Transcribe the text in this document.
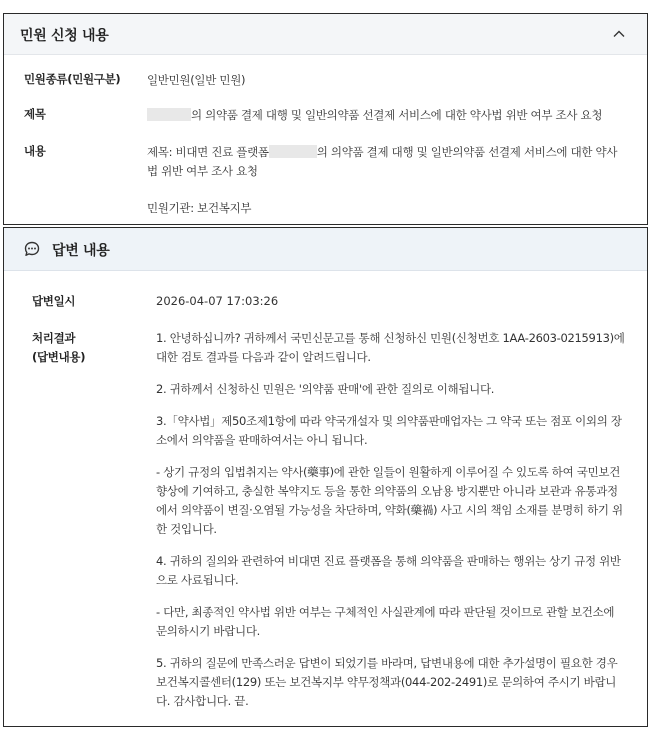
민원 신청 내용
민원종류(민원구분) 일반민원(일반 민원)
제목	의 의약품 결제 대행 및 일반의약품 선결제 서비스에 대한 약사법 위반 여부 조사 요청
내용	제목: 비대면 진료 플랫폼	의 의약품 결제 대행 및 일반의약품 선결제 서비스에 대한 약사
법 위반 여부 조사 요청
민원기관: 보건복지부
답변 내용
답변일시	2026-04-07 17:03:26
처리결과
(답변내용)

1. 안녕하십니까? 귀하께서 국민신문고를 통해 신청하신 민원(신청번호 1AA-2603-0215913)에 대한 검토 결과를 다음과 같이 알려드립니다.

2. 귀하께서 신청하신 민원은 '의약품 판매'에 관한 질의로 이해됩니다.

3.「약사법」제50조제1항에 따라 약국개설자 및 의약품판매업자는 그 약국 또는 점포 이외의 장소에서 의약품을 판매하여서는 아니 됩니다.

- 상기 규정의 입법취지는 약사(藥事)에 관한 일들이 원활하게 이루어질 수 있도록 하여 국민보건 향상에 기여하고, 충실한 복약지도 등을 통한 의약품의 오남용 방지뿐만 아니라 보관과 유통과정에서 의약품이 변질·오염될 가능성을 차단하며, 약화(藥禍) 사고 시의 책임 소재를 분명히 하기 위한 것입니다.

4. 귀하의 질의와 관련하여 비대면 진료 플랫폼을 통해 의약품을 판매하는 행위는 상기 규정 위반으로 사료됩니다.

- 다만, 최종적인 약사법 위반 여부는 구체적인 사실관계에 따라 판단될 것이므로 관할 보건소에 문의하시기 바랍니다.

5. 귀하의 질문에 만족스러운 답변이 되었기를 바라며, 답변내용에 대한 추가설명이 필요한 경우 보건복지콜센터(129) 또는 보건복지부 약무정책과(044-202-2491)로 문의하여 주시기 바랍니다. 감사합니다. 끝.
